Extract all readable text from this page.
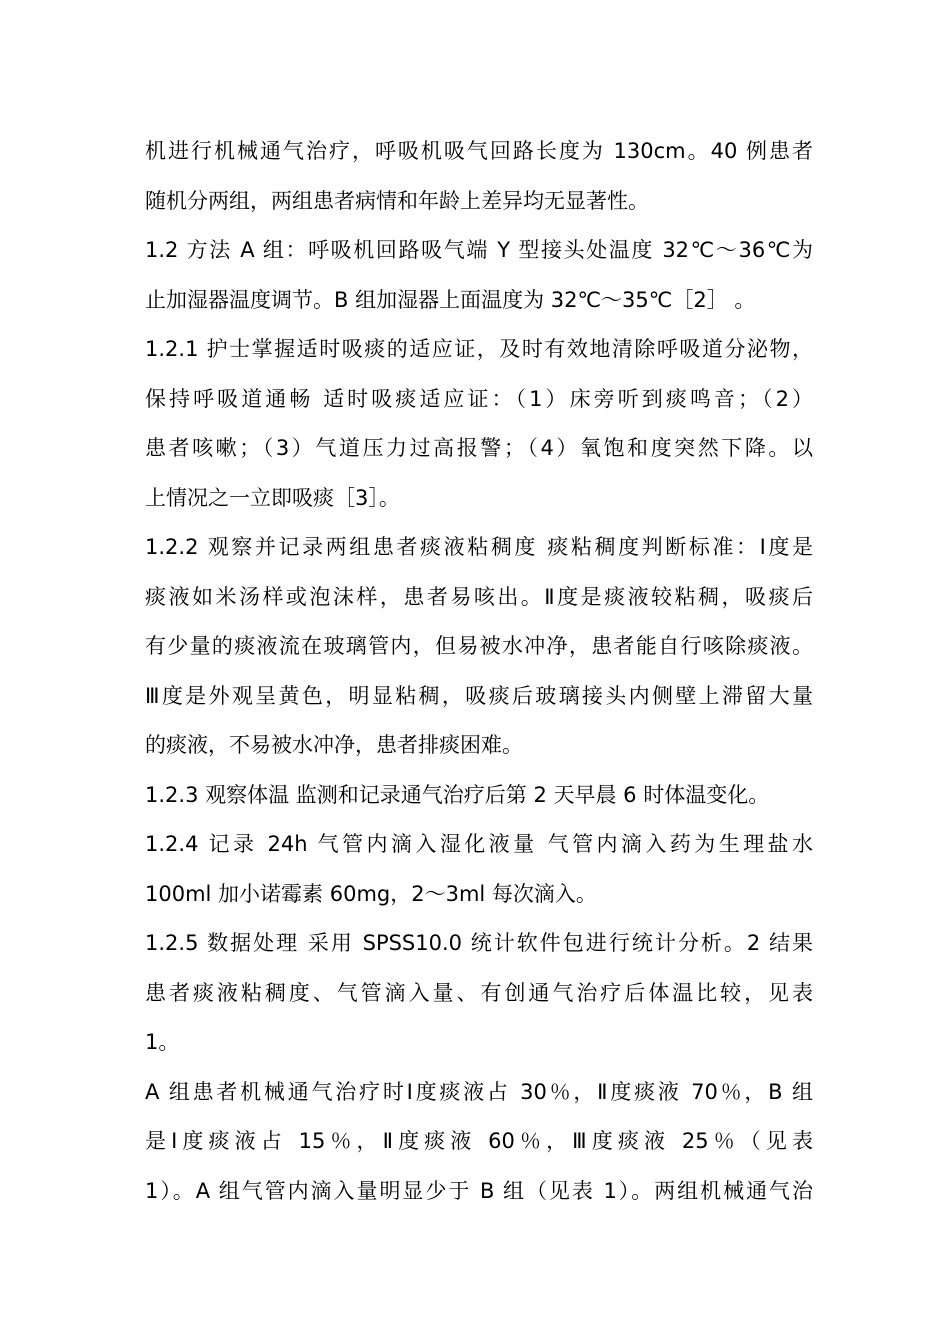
机进行机械通气治疗，呼吸机吸气回路长度为 130cm。40 例患者
随机分两组，两组患者病情和年龄上差异均无显著性。
1.2 方法 A 组：呼吸机回路吸气端 Y 型接头处温度 32℃～36℃为
止加湿器温度调节。B 组加湿器上面温度为 32℃～35℃［2］ 。
1.2.1 护士掌握适时吸痰的适应证，及时有效地清除呼吸道分泌物，
保持呼吸道通畅 适时吸痰适应证：（1）床旁听到痰鸣音；（2）
患者咳嗽；（3）气道压力过高报警；（4）氧饱和度突然下降。以
上情况之一立即吸痰［3］。
1.2.2 观察并记录两组患者痰液粘稠度 痰粘稠度判断标准：Ⅰ度是
痰液如米汤样或泡沫样，患者易咳出。Ⅱ度是痰液较粘稠，吸痰后
有少量的痰液流在玻璃管内，但易被水冲净，患者能自行咳除痰液。
Ⅲ度是外观呈黄色，明显粘稠，吸痰后玻璃接头内侧壁上滞留大量
的痰液，不易被水冲净，患者排痰困难。
1.2.3 观察体温 监测和记录通气治疗后第 2 天早晨 6 时体温变化。
1.2.4 记录 24h 气管内滴入湿化液量 气管内滴入药为生理盐水
100ml 加小诺霉素 60mg，2～3ml 每次滴入。
1.2.5 数据处理 采用 SPSS10.0 统计软件包进行统计分析。2 结果
患者痰液粘稠度、气管滴入量、有创通气治疗后体温比较，见表
1。
A 组患者机械通气治疗时Ⅰ度痰液占 30％，Ⅱ度痰液 70％，B 组
是Ⅰ度痰液占 15％，Ⅱ度痰液 60％，Ⅲ度痰液 25％（见表
1）。A 组气管内滴入量明显少于 B 组（见表 1）。两组机械通气治
